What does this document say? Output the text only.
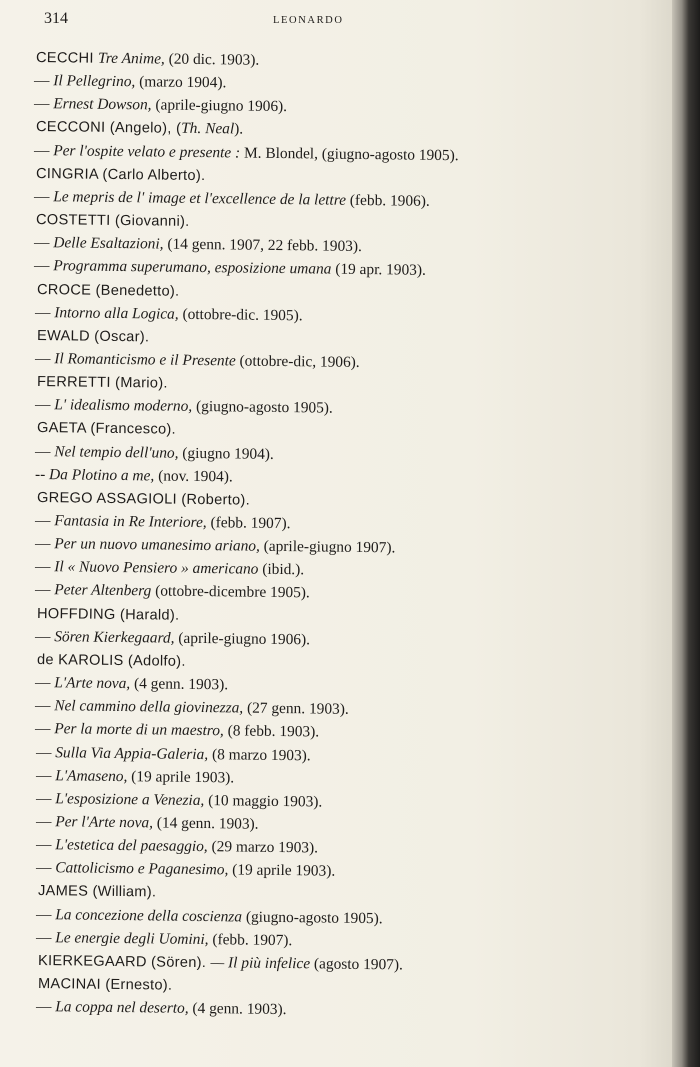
314	LEONARDO
CECCHI Tre Anime, (20 dic. 1903).
— Il Pellegrino, (marzo 1904).
— Ernest Dowson, (aprile-giugno 1906).
CECCONI (Angelo), (Th. Neal).
— Per l'ospite velato e presente : M. Blondel, (giugno-agosto 1905).
CINGRIA (Carlo Alberto).
— Le mepris de l' image et l'excellence de la lettre (febb. 1906).
COSTETTI (Giovanni).
— Delle Esaltazioni, (14 genn. 1907, 22 febb. 1903).
— Programma superumano, esposizione umana (19 apr. 1903).
CROCE (Benedetto).
— Intorno alla Logica, (ottobre-dic. 1905).
EWALD (Oscar).
— Il Romanticismo e il Presente (ottobre-dic, 1906).
FERRETTI (Mario).
— L' idealismo moderno, (giugno-agosto 1905).
GAETA (Francesco).
— Nel tempio dell'uno, (giugno 1904).
-- Da Plotino a me, (nov. 1904).
GREGO ASSAGIOLI (Roberto).
— Fantasia in Re Interiore, (febb. 1907).
— Per un nuovo umanesimo ariano, (aprile-giugno 1907).
— Il « Nuovo Pensiero » americano (ibid.).
— Peter Altenberg (ottobre-dicembre 1905).
HOFFDING (Harald).
— Sören Kierkegaard, (aprile-giugno 1906).
de KAROLIS (Adolfo).
— L'Arte nova, (4 genn. 1903).
— Nel cammino della giovinezza, (27 genn. 1903).
— Per la morte di un maestro, (8 febb. 1903).
— Sulla Via Appia-Galeria, (8 marzo 1903).
— L'Amaseno, (19 aprile 1903).
— L'esposizione a Venezia, (10 maggio 1903).
— Per l'Arte nova, (14 genn. 1903).
— L'estetica del paesaggio, (29 marzo 1903).
— Cattolicismo e Paganesimo, (19 aprile 1903).
JAMES (William).
— La concezione della coscienza (giugno-agosto 1905).
— Le energie degli Uomini, (febb. 1907).
KIERKEGAARD (Sören). — Il più infelice (agosto 1907).
MACINAI (Ernesto).
— La coppa nel deserto, (4 genn. 1903).
